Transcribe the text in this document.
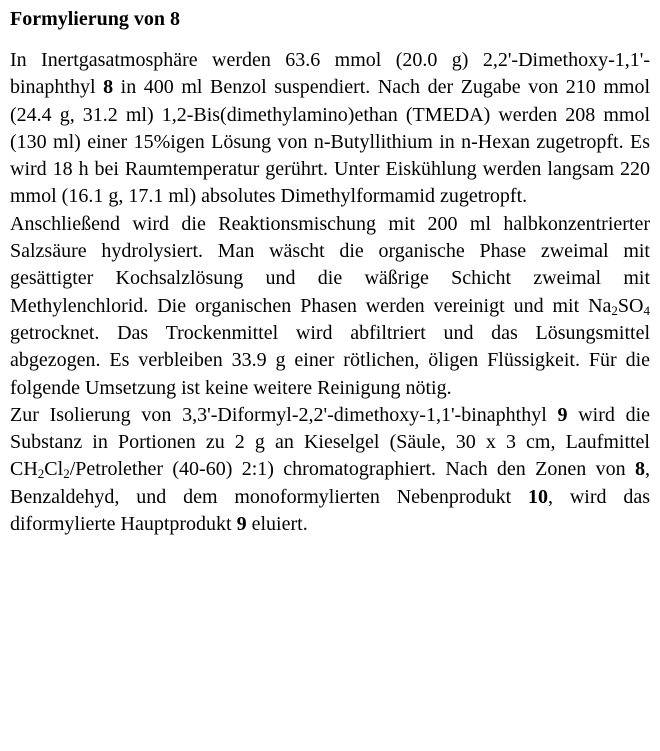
Formylierung von 8

In Inertgasatmosphäre werden 63.6 mmol (20.0 g) 2,2'-Dimethoxy-1,1'-binaphthyl 8 in 400 ml Benzol suspendiert. Nach der Zugabe von 210 mmol (24.4 g, 31.2 ml) 1,2-Bis(dimethylamino)ethan (TMEDA) werden 208 mmol (130 ml) einer 15%igen Lösung von n-Butyllithium in n-Hexan zugetropft. Es wird 18 h bei Raumtemperatur gerührt. Unter Eiskühlung werden langsam 220 mmol (16.1 g, 17.1 ml) absolutes Dimethylformamid zugetropft.

Anschließend wird die Reaktionsmischung mit 200 ml halbkonzentrierter Salzsäure hydrolysiert. Man wäscht die organische Phase zweimal mit gesättigter Kochsalzlösung und die wäßrige Schicht zweimal mit Methylenchlorid. Die organischen Phasen werden vereinigt und mit $Na_2SO_4$ getrocknet. Das Trockenmittel wird abfiltriert und das Lösungsmittel abgezogen. Es verbleiben 33.9 g einer rötlichen, öligen Flüssigkeit. Für die folgende Umsetzung ist keine weitere Reinigung nötig.

Zur Isolierung von 3,3'-Diformyl-2,2'-dimethoxy-1,1'-binaphthyl 9 wird die Substanz in Portionen zu 2 g an Kieselgel (Säule, 30 x 3 cm, Laufmittel $CH_2Cl_2$/Petrolether (40-60) 2:1) chromatographiert. Nach den Zonen von 8, Benzaldehyd, und dem monoformylierten Nebenprodukt 10, wird das diformylierte Hauptprodukt 9 eluiert.
